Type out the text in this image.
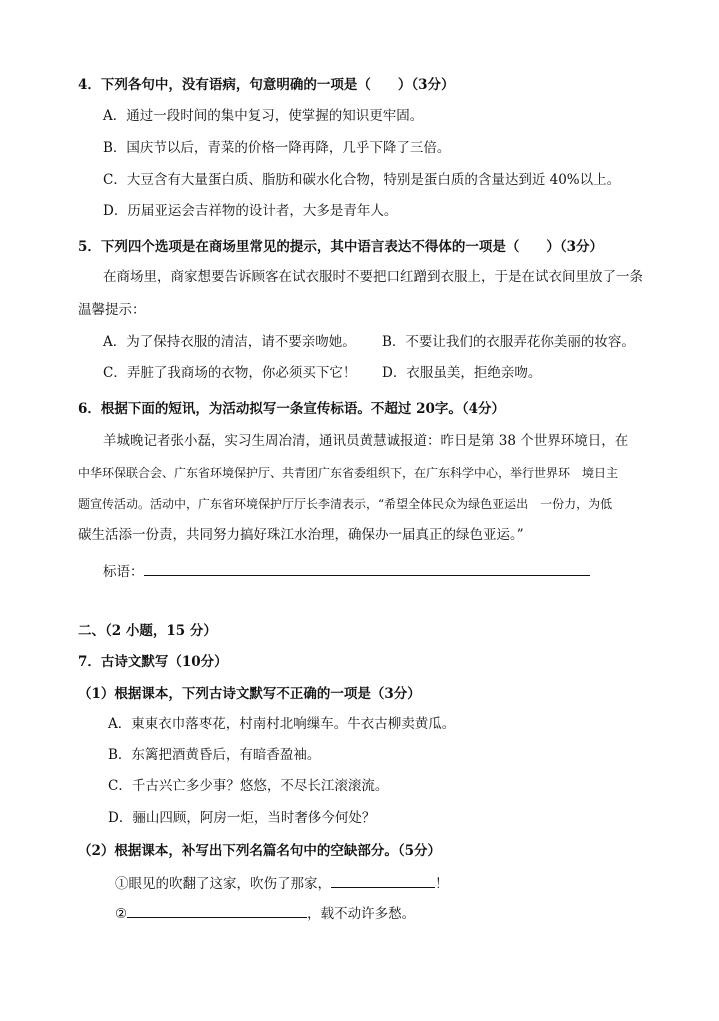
4．下列各句中，没有语病，句意明确的一项是（　　）（3分）
A．通过一段时间的集中复习，使掌握的知识更牢固。
B．国庆节以后，青菜的价格一降再降，几乎下降了三倍。
C．大豆含有大量蛋白质、脂肪和碳水化合物，特别是蛋白质的含量达到近 40%以上。
D．历届亚运会吉祥物的设计者，大多是青年人。
5．下列四个选项是在商场里常见的提示，其中语言表达不得体的一项是（　　）（3分）
在商场里，商家想要告诉顾客在试衣服时不要把口红蹭到衣服上，于是在试衣间里放了一条
温馨提示：
A．为了保持衣服的清洁，请不要亲吻她。 B．不要让我们的衣服弄花你美丽的妆容。
C．弄脏了我商场的衣物，你必须买下它！ D．衣服虽美，拒绝亲吻。
6．根据下面的短讯，为活动拟写一条宣传标语。不超过 20字。（4分）
羊城晚记者张小磊，实习生周冶清，通讯员黄慧诚报道：昨日是第 38 个世界环境日，在
中华环保联合会、广东省环境保护厅、共青团广东省委组织下，在广东科学中心，举行世界环　境日主
题宣传活动。活动中，广东省环境保护厅厅长李清表示，“希望全体民众为绿色亚运出　一份力，为低
碳生活添一份责，共同努力搞好珠江水治理，确保办一届真正的绿色亚运。”
标语：
二、（2 小题，15 分）
7．古诗文默写（10分）
（1）根据课本，下列古诗文默写不正确的一项是（3分）
A．東東衣巾落枣花，村南村北响缫车。牛衣古柳卖黄瓜。
B．东篱把酒黄昏后，有暗香盈袖。
C．千古兴亡多少事？悠悠，不尽长江滚滚流。
D．骊山四顾，阿房一炬，当时奢侈今何处？
（2）根据课本，补写出下列名篇名句中的空缺部分。（5分）
①眼见的吹翻了这家，吹伤了那家，	！
②	，载不动许多愁。
